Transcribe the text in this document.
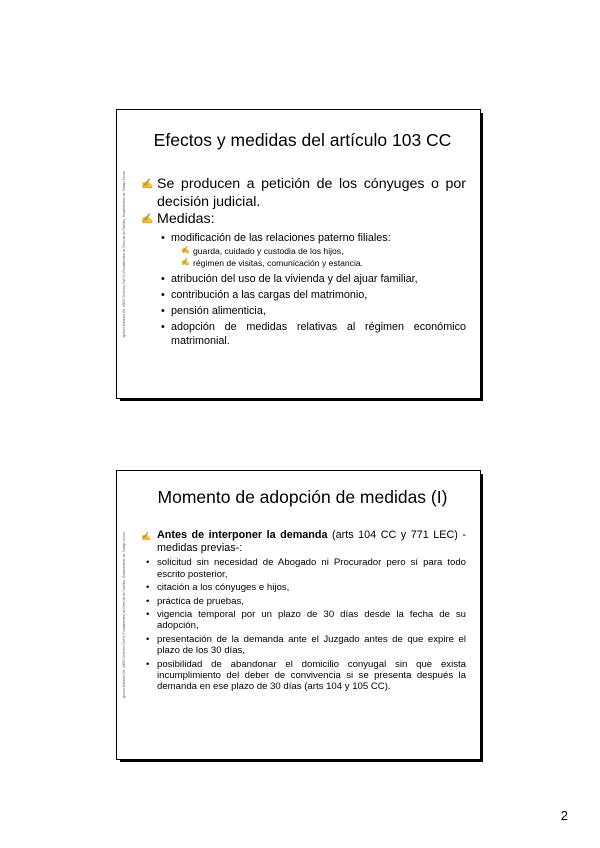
Ignacio Martínez Gil. UNED Derecho Civil IV (Fundamentos de Derecho de Familia). Departamento de Trabajo Social.
Efectos y medidas del artículo 103 CC
✍ Se producen a petición de los cónyuges o por decisión judicial.
✍ Medidas:
• modificación de las relaciones paterno filiales:
✍ guarda, cuidado y custodia de los hijos,
✍ régimen de visitas, comunicación y estancia.
• atribución del uso de la vivienda y del ajuar familiar,
• contribución a las cargas del matrimonio,
• pensión alimenticia,
• adopción de medidas relativas al régimen económico matrimonial.
Ignacio Martínez Gil. UNED Derecho Civil IV (Fundamentos de Derecho de Familia). Departamento de Trabajo Social.
Momento de adopción de medidas (I)
✍ Antes de interponer la demanda (arts 104 CC y 771 LEC) -medidas previas-:
• solicitud sin necesidad de Abogado ni Procurador pero sí para todo escrito posterior,
• citación a los cónyuges e hijos,
• práctica de pruebas,
• vigencia temporal por un plazo de 30 días desde la fecha de su adopción,
• presentación de la demanda ante el Juzgado antes de que expire el plazo de los 30 días,
• posibilidad de abandonar el domicilio conyugal sin que exista incumplimiento del deber de convivencia si se presenta después la demanda en ese plazo de 30 días (arts 104 y 105 CC).
2
